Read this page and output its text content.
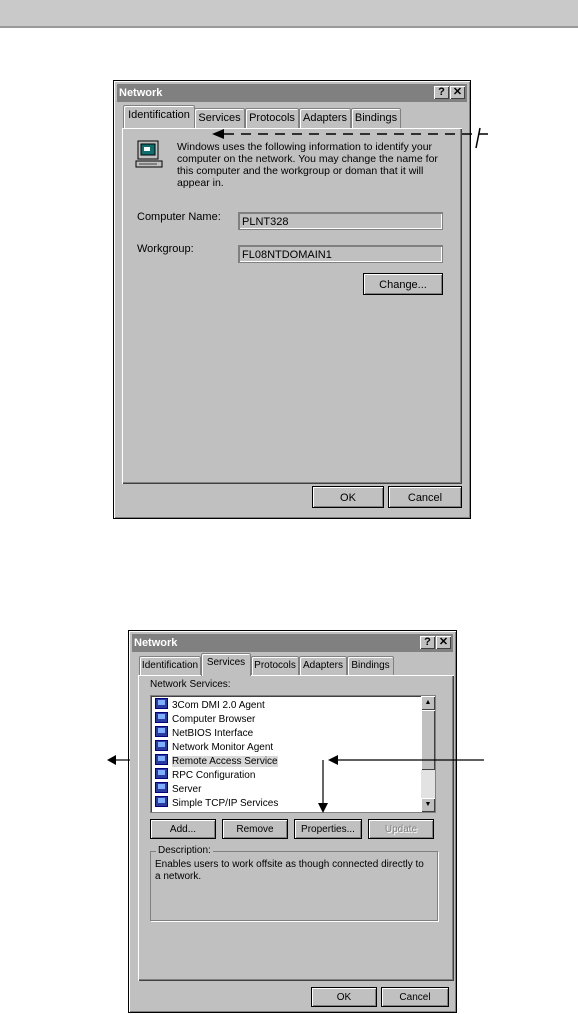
Network	? ✕
Identification Services Protocols Adapters Bindings
Windows uses the following information to identify your computer on the network. You may change the name for this computer and the workgroup or doman that it will appear in.
Computer Name:	PLNT328
Workgroup:	FL08NTDOMAIN1
Change...
OK	Cancel
Network	? ✕
Identification Services Protocols Adapters Bindings
Network Services:
3Com DMI 2.0 Agent
Computer Browser
NetBIOS Interface
Network Monitor Agent
Remote Access Service
RPC Configuration
Server
Simple TCP/IP Services
▲
▼
Add...	Remove	Properties...	Update
Description:
Enables users to work offsite as though connected directly to a network.
OK	Cancel
